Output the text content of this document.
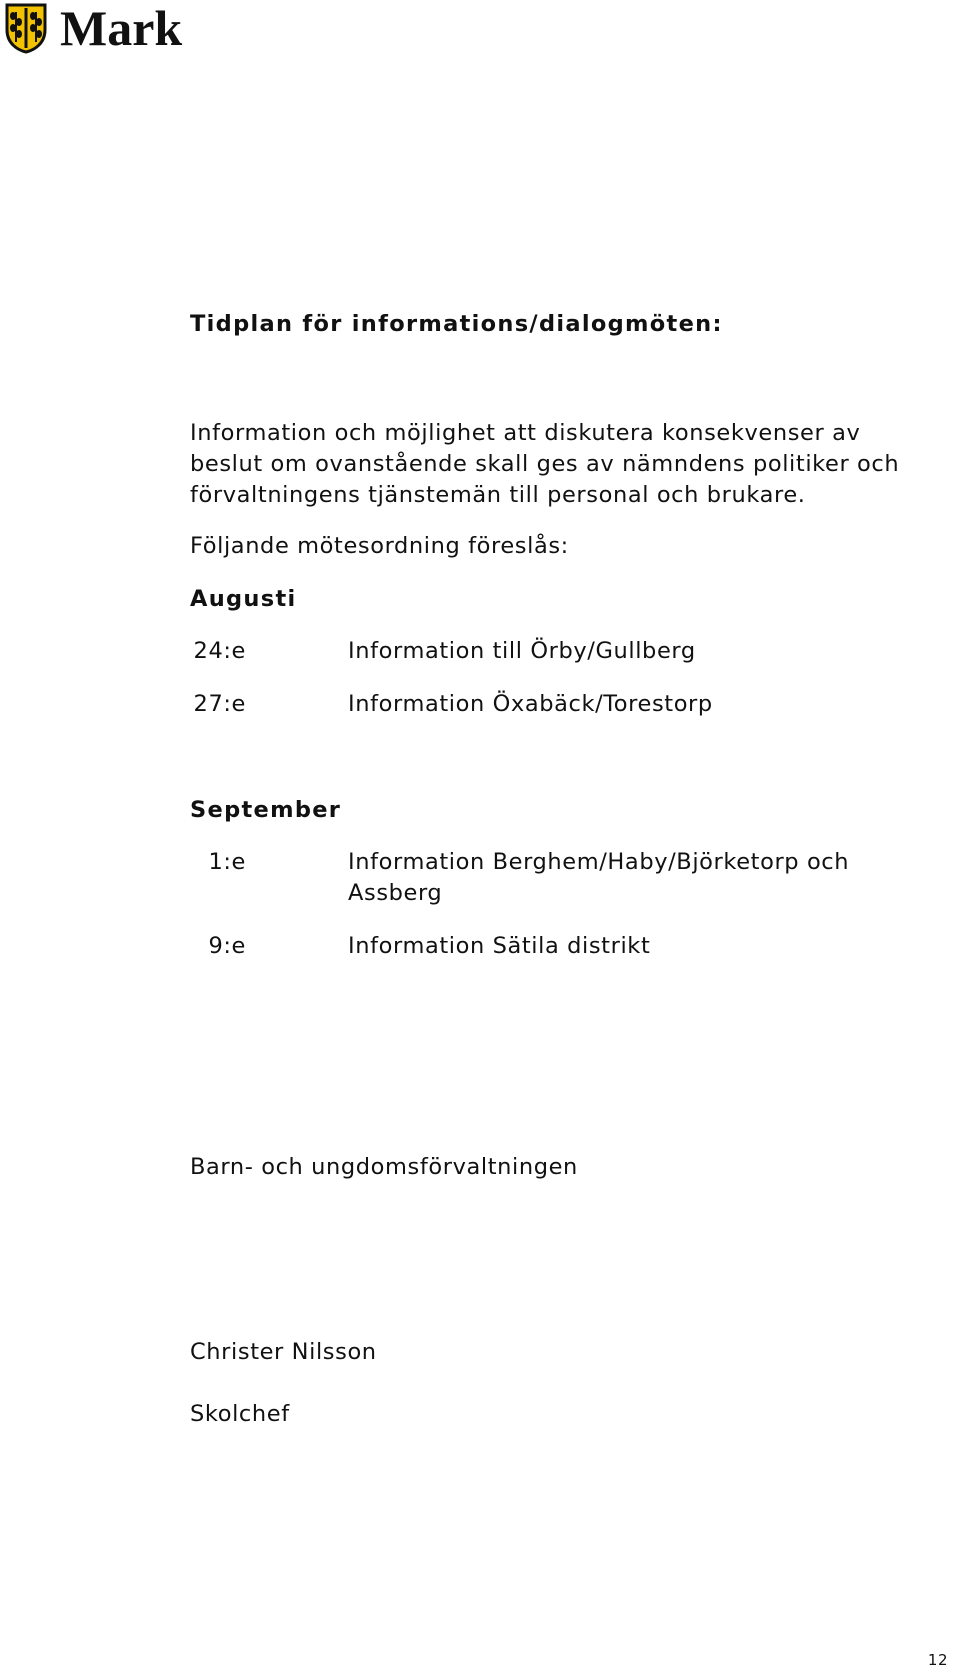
Mark
Tidplan för informations/dialogmöten:
Information och möjlighet att diskutera konsekvenser av
beslut om ovanstående skall ges av nämndens politiker och
förvaltningens tjänstemän till personal och brukare.
Följande mötesordning föreslås:
Augusti
24:e	Information till Örby/Gullberg
27:e	Information Öxabäck/Torestorp
September
1:e	Information Berghem/Haby/Björketorp och Assberg
9:e	Information Sätila distrikt
Barn- och ungdomsförvaltningen
Christer Nilsson
Skolchef
12
